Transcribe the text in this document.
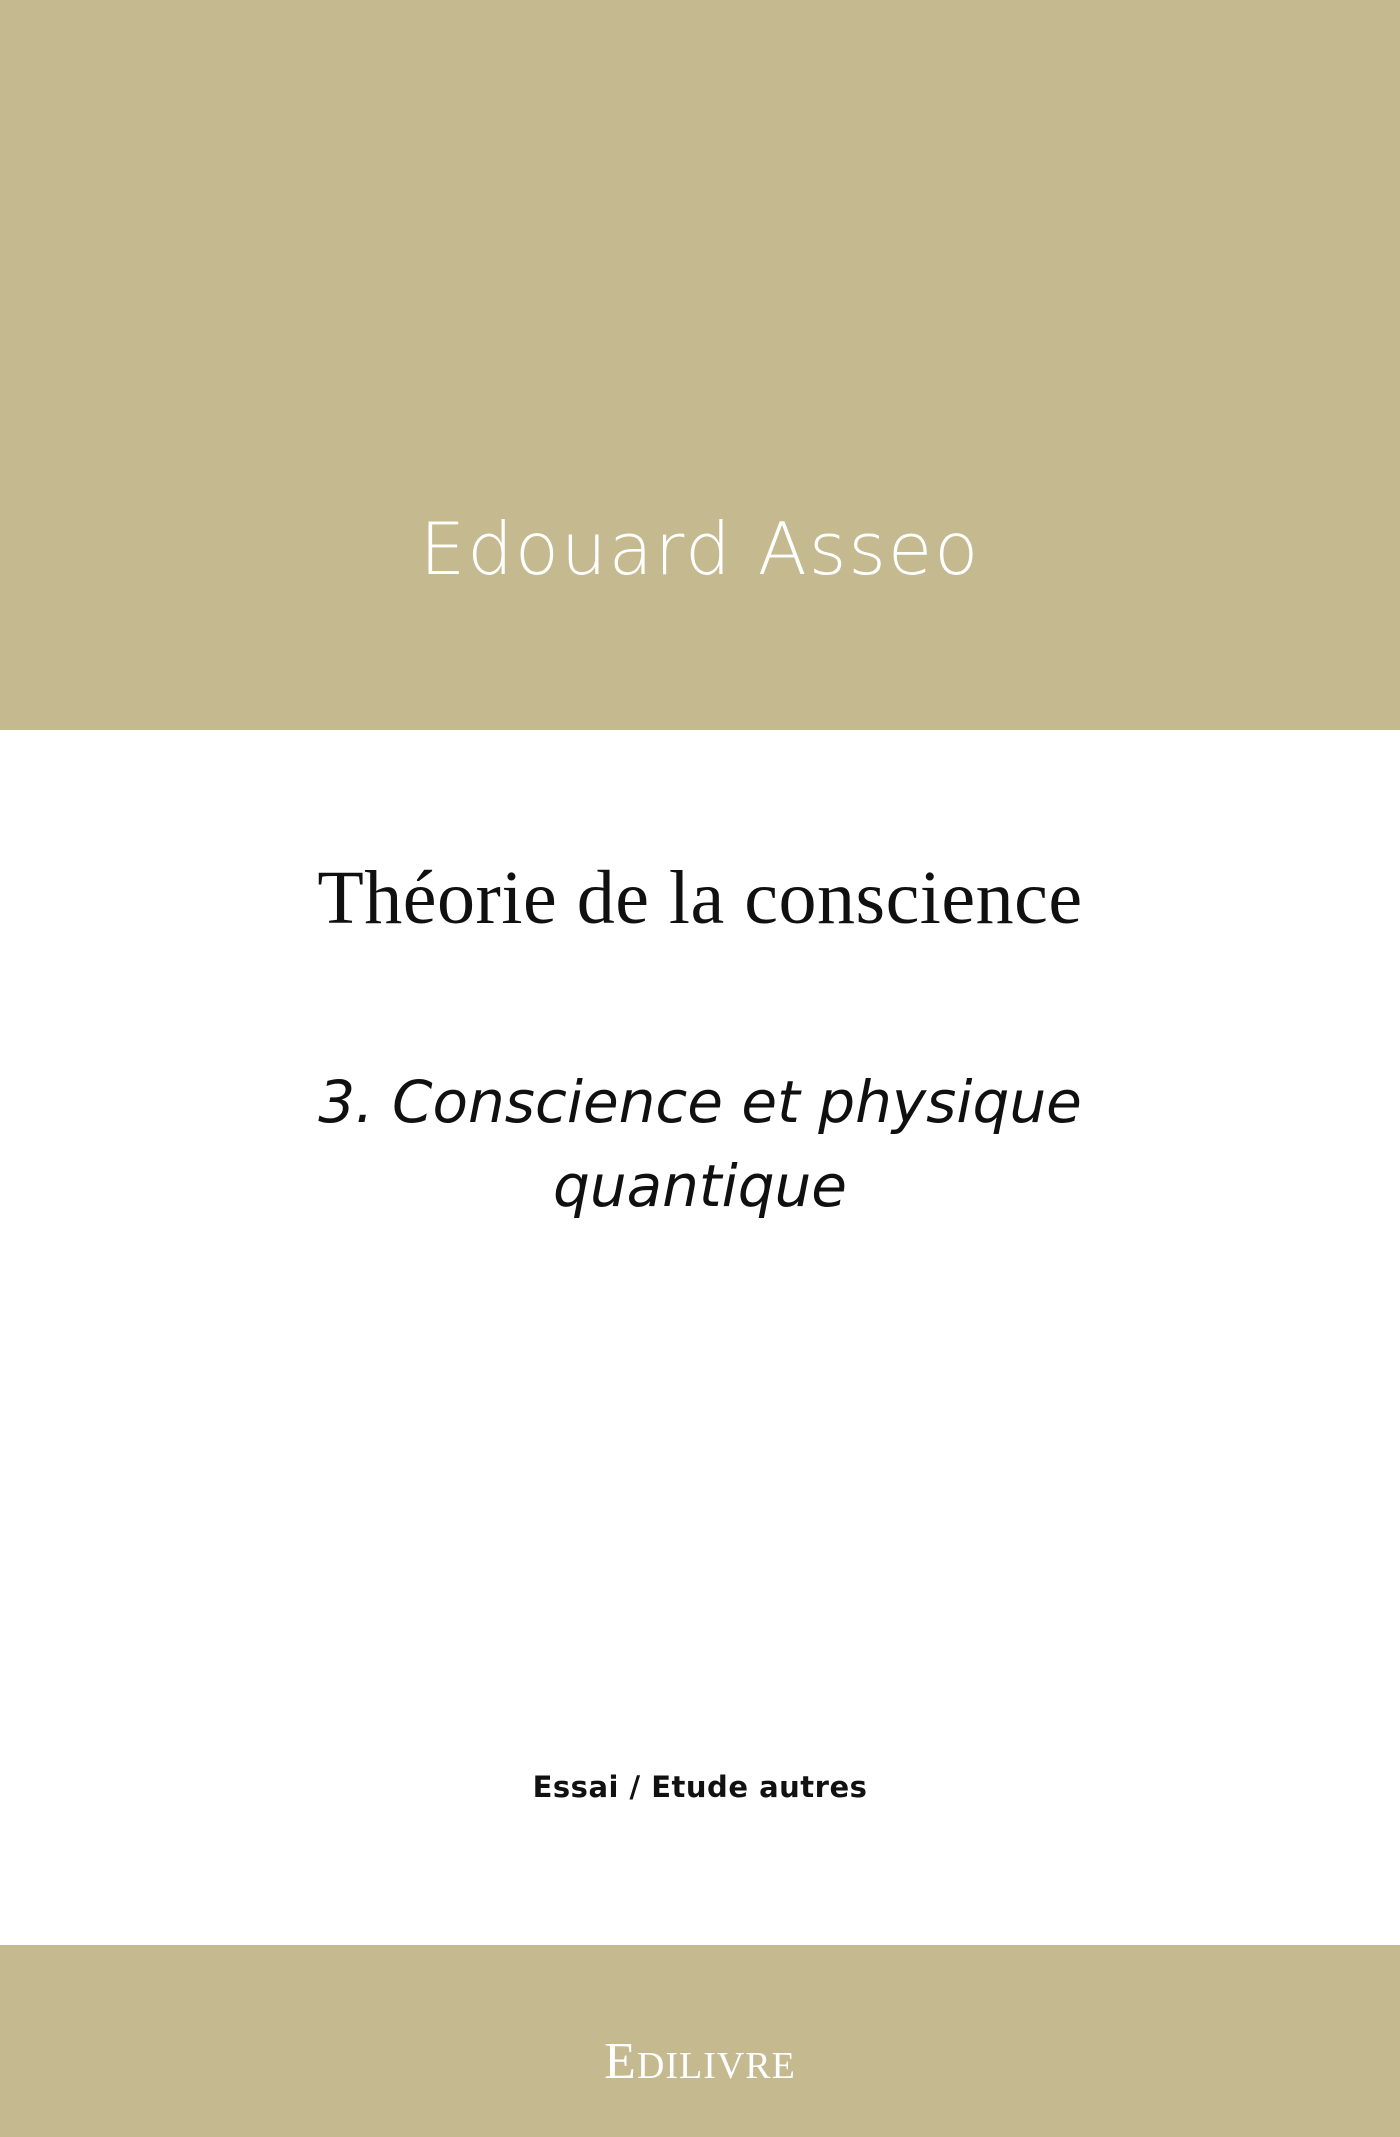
Edouard Asseo
Théorie de la conscience
3. Conscience et physique quantique
Essai / Etude autres
EDILIVRE
